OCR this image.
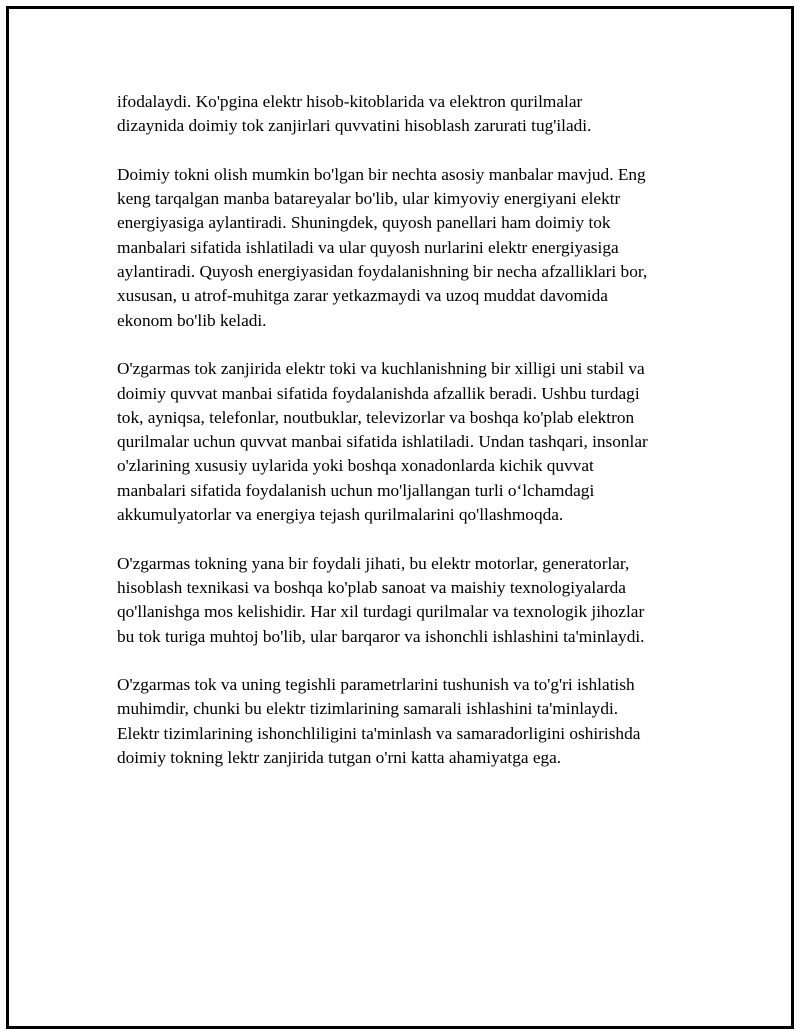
ifodalaydi. Ko'pgina elektr hisob-kitoblarida va elektron qurilmalar
dizaynida doimiy tok zanjirlari quvvatini hisoblash zarurati tug'iladi.

Doimiy tokni olish mumkin bo'lgan bir nechta asosiy manbalar mavjud. Eng
keng tarqalgan manba batareyalar bo'lib, ular kimyoviy energiyani elektr
energiyasiga aylantiradi. Shuningdek, quyosh panellari ham doimiy tok
manbalari sifatida ishlatiladi va ular quyosh nurlarini elektr energiyasiga
aylantiradi. Quyosh energiyasidan foydalanishning bir necha afzalliklari bor,
xususan, u atrof-muhitga zarar yetkazmaydi va uzoq muddat davomida
ekonom bo'lib keladi.

O'zgarmas tok zanjirida elektr toki va kuchlanishning bir xilligi uni stabil va
doimiy quvvat manbai sifatida foydalanishda afzallik beradi. Ushbu turdagi
tok, ayniqsa, telefonlar, noutbuklar, televizorlar va boshqa ko'plab elektron
qurilmalar uchun quvvat manbai sifatida ishlatiladi. Undan tashqari, insonlar
o'zlarining xususiy uylarida yoki boshqa xonadonlarda kichik quvvat
manbalari sifatida foydalanish uchun mo'ljallangan turli o‘lchamdagi
akkumulyatorlar va energiya tejash qurilmalarini qo'llashmoqda.

O'zgarmas tokning yana bir foydali jihati, bu elektr motorlar, generatorlar,
hisoblash texnikasi va boshqa ko'plab sanoat va maishiy texnologiyalarda
qo'llanishga mos kelishidir. Har xil turdagi qurilmalar va texnologik jihozlar
bu tok turiga muhtoj bo'lib, ular barqaror va ishonchli ishlashini ta'minlaydi.

O'zgarmas tok va uning tegishli parametrlarini tushunish va to'g'ri ishlatish
muhimdir, chunki bu elektr tizimlarining samarali ishlashini ta'minlaydi.
Elektr tizimlarining ishonchliligini ta'minlash va samaradorligini oshirishda
doimiy tokning lektr zanjirida tutgan o'rni katta ahamiyatga ega.
